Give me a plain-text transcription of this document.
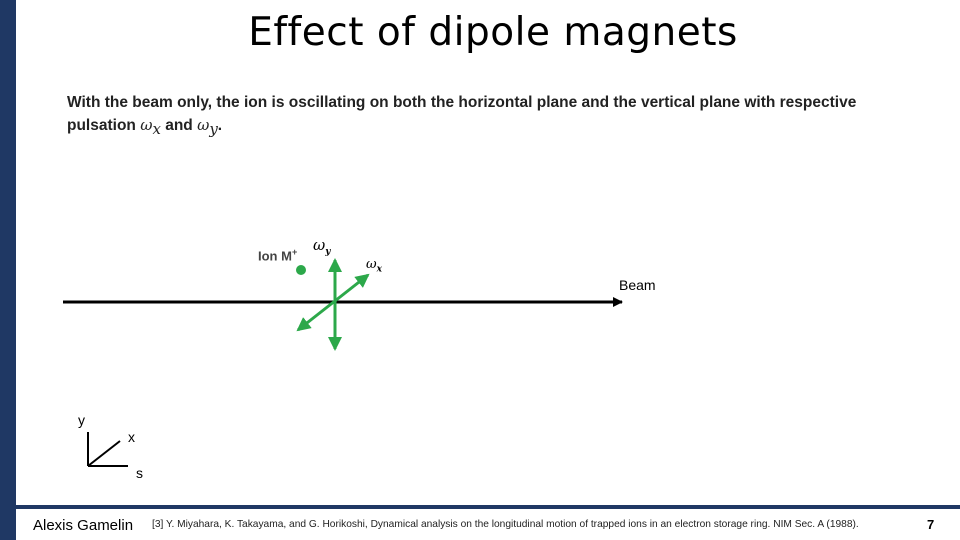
Effect of dipole magnets
With the beam only, the ion is oscillating on both the horizontal plane and the vertical plane with respective pulsation $\omega_x$ and $\omega_y$.
Ion M+ $\omega_y$
$\omega_x$
Beam
y
x
s
Alexis Gamelin [3] Y. Miyahara, K. Takayama, and G. Horikoshi, Dynamical analysis on the longitudinal motion of trapped ions in an electron storage ring. NIM Sec. A (1988).	7
